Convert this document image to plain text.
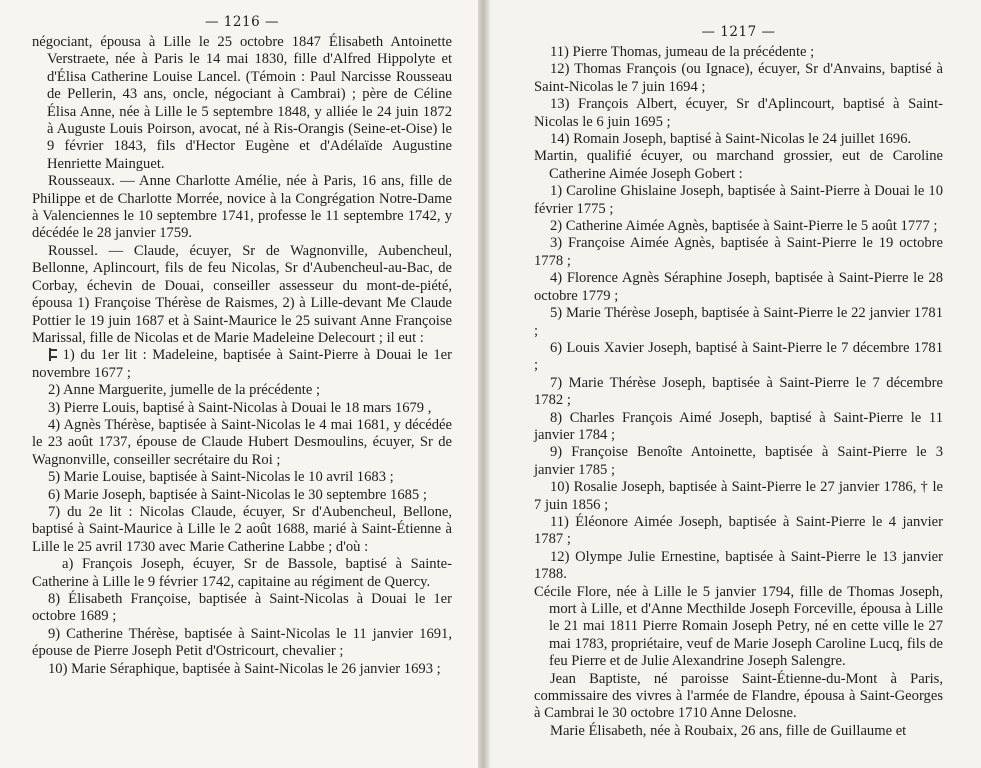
— 1216 —

négociant, épousa à Lille le 25 octobre 1847 Élisabeth Antoinette Verstraete, née à Paris le 14 mai 1830, fille d'Alfred Hippolyte et d'Élisa Catherine Louise Lancel. (Témoin : Paul Narcisse Rousseau de Pellerin, 43 ans, oncle, négociant à Cambrai) ; père de Céline Élisa Anne, née à Lille le 5 septembre 1848, y alliée le 24 juin 1872 à Auguste Louis Poirson, avocat, né à Ris-Orangis (Seine-et-Oise) le 9 février 1843, fils d'Hector Eugène et d'Adélaïde Augustine Henriette Mainguet.

Rousseaux. — Anne Charlotte Amélie, née à Paris, 16 ans, fille de Philippe et de Charlotte Morrée, novice à la Congrégation Notre-Dame à Valenciennes le 10 septembre 1741, professe le 11 septembre 1742, y décédée le 28 janvier 1759.

Roussel. — Claude, écuyer, Sr de Wagnonville, Aubencheul, Bellonne, Aplincourt, fils de feu Nicolas, Sr d'Aubencheul-au-Bac, de Corbay, échevin de Douai, conseiller assesseur du mont-de-piété, épousa 1) Françoise Thérèse de Raismes, 2) à Lille-devant Me Claude Pottier le 19 juin 1687 et à Saint-Maurice le 25 suivant Anne Françoise Marissal, fille de Nicolas et de Marie Madeleine Delecourt ; il eut :

1) du 1er lit : Madeleine, baptisée à Saint-Pierre à Douai le 1er novembre 1677 ;

2) Anne Marguerite, jumelle de la précédente ;

3) Pierre Louis, baptisé à Saint-Nicolas à Douai le 18 mars 1679 ,

4) Agnès Thérèse, baptisée à Saint-Nicolas le 4 mai 1681, y décédée le 23 août 1737, épouse de Claude Hubert Desmoulins, écuyer, Sr de Wagnonville, conseiller secrétaire du Roi ;

5) Marie Louise, baptisée à Saint-Nicolas le 10 avril 1683 ;

6) Marie Joseph, baptisée à Saint-Nicolas le 30 septembre 1685 ;

7) du 2e lit : Nicolas Claude, écuyer, Sr d'Aubencheul, Bellone, baptisé à Saint-Maurice à Lille le 2 août 1688, marié à Saint-Étienne à Lille le 25 avril 1730 avec Marie Catherine Labbe ; d'où :

a) François Joseph, écuyer, Sr de Bassole, baptisé à Sainte-Catherine à Lille le 9 février 1742, capitaine au régiment de Quercy.

8) Élisabeth Françoise, baptisée à Saint-Nicolas à Douai le 1er octobre 1689 ;

9) Catherine Thérèse, baptisée à Saint-Nicolas le 11 janvier 1691, épouse de Pierre Joseph Petit d'Ostricourt, chevalier ;

10) Marie Séraphique, baptisée à Saint-Nicolas le 26 janvier 1693 ;

— 1217 —

11) Pierre Thomas, jumeau de la précédente ;

12) Thomas François (ou Ignace), écuyer, Sr d'Anvains, baptisé à Saint-Nicolas le 7 juin 1694 ;

13) François Albert, écuyer, Sr d'Aplincourt, baptisé à Saint-Nicolas le 6 juin 1695 ;

14) Romain Joseph, baptisé à Saint-Nicolas le 24 juillet 1696.

Martin, qualifié écuyer, ou marchand grossier, eut de Caroline Catherine Aimée Joseph Gobert :

1) Caroline Ghislaine Joseph, baptisée à Saint-Pierre à Douai le 10 février 1775 ;

2) Catherine Aimée Agnès, baptisée à Saint-Pierre le 5 août 1777 ;

3) Françoise Aimée Agnès, baptisée à Saint-Pierre le 19 octobre 1778 ;

4) Florence Agnès Séraphine Joseph, baptisée à Saint-Pierre le 28 octobre 1779 ;

5) Marie Thérèse Joseph, baptisée à Saint-Pierre le 22 janvier 1781 ;

6) Louis Xavier Joseph, baptisé à Saint-Pierre le 7 décembre 1781 ;

7) Marie Thérèse Joseph, baptisée à Saint-Pierre le 7 décembre 1782 ;

8) Charles François Aimé Joseph, baptisé à Saint-Pierre le 11 janvier 1784 ;

9) Françoise Benoîte Antoinette, baptisée à Saint-Pierre le 3 janvier 1785 ;

10) Rosalie Joseph, baptisée à Saint-Pierre le 27 janvier 1786, † le 7 juin 1856 ;

11) Éléonore Aimée Joseph, baptisée à Saint-Pierre le 4 janvier 1787 ;

12) Olympe Julie Ernestine, baptisée à Saint-Pierre le 13 janvier 1788.

Cécile Flore, née à Lille le 5 janvier 1794, fille de Thomas Joseph, mort à Lille, et d'Anne Mecthilde Joseph Forceville, épousa à Lille le 21 mai 1811 Pierre Romain Joseph Petry, né en cette ville le 27 mai 1783, propriétaire, veuf de Marie Joseph Caroline Lucq, fils de feu Pierre et de Julie Alexandrine Joseph Salengre.

Jean Baptiste, né paroisse Saint-Étienne-du-Mont à Paris, commissaire des vivres à l'armée de Flandre, épousa à Saint-Georges à Cambrai le 30 octobre 1710 Anne Delosne.

Marie Élisabeth, née à Roubaix, 26 ans, fille de Guillaume et
